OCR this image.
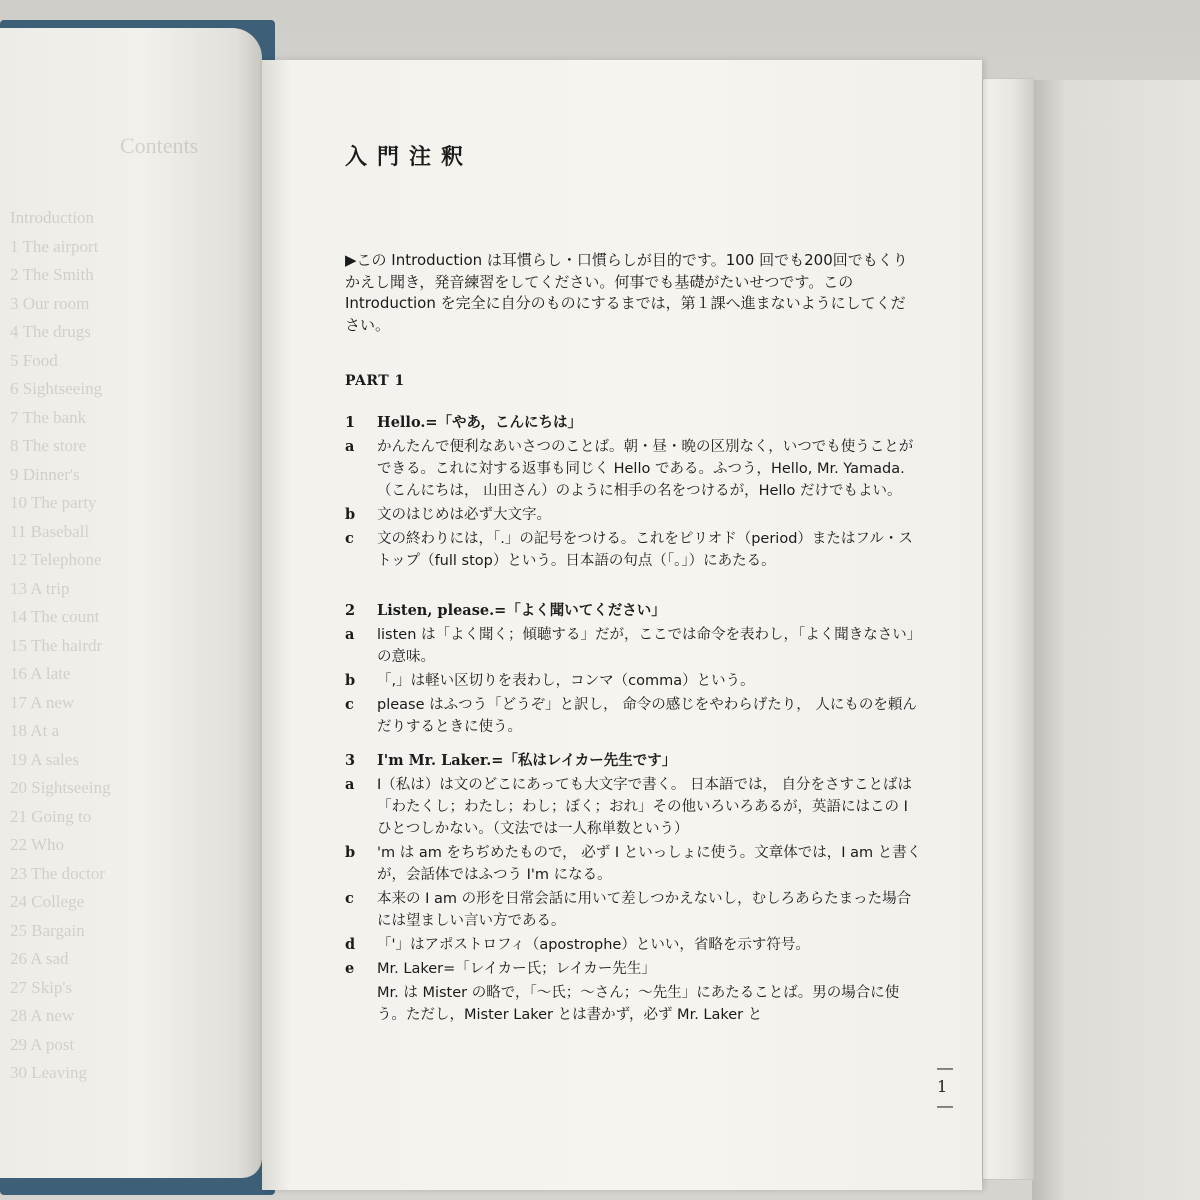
Contents
Introduction
1 The airport
2 The Smith
3 Our room
4 The drugs
5 Food
6 Sightseeing
7 The bank
8 The store
9 Dinner's
10 The party
11 Baseball
12 Telephone
13 A trip
14 The count
15 The hairdr
16 A late
17 A new
18 At a
19 A sales
20 Sightseeing
21 Going to
22 Who
23 The doctor
24 College
25 Bargain
26 A sad
27 Skip's
28 A new
29 A post
30 Leaving
入門注釈
▶この Introduction は耳慣らし・口慣らしが目的です。100 回でも200回でもくりかえし聞き，発音練習をしてください。何事でも基礎がたいせつです。この Introduction を完全に自分のものにするまでは，第１課へ進まないようにしてください。
PART 1
1	Hello.=「やあ，こんにちは」
a	かんたんで便利なあいさつのことば。朝・昼・晩の区別なく，いつでも使うことができる。これに対する返事も同じく Hello である。ふつう，Hello, Mr. Yamada.（こんにちは， 山田さん）のように相手の名をつけるが，Hello だけでもよい。
b	文のはじめは必ず大文字。
c	文の終わりには，「.」の記号をつける。これをピリオド（period）またはフル・ストップ（full stop）という。日本語の句点（「。」）にあたる。
2	Listen, please.=「よく聞いてください」
a	listen は「よく聞く；傾聴する」だが，ここでは命令を表わし，「よく聞きなさい」の意味。
b	「,」は軽い区切りを表わし，コンマ（comma）という。
c	please はふつう「どうぞ」と訳し， 命令の感じをやわらげたり， 人にものを頼んだりするときに使う。
3	I'm Mr. Laker.=「私はレイカー先生です」
a	I（私は）は文のどこにあっても大文字で書く。 日本語では， 自分をさすことばは「わたくし；わたし；わし；ぼく；おれ」その他いろいろあるが，英語にはこの I ひとつしかない。（文法では一人称単数という）
b	'm は am をちぢめたもので， 必ず I といっしょに使う。文章体では，I am と書くが，会話体ではふつう I'm になる。
c	本来の I am の形を日常会話に用いて差しつかえないし，むしろあらたまった場合には望ましい言い方である。
d	「'」はアポストロフィ（apostrophe）といい，省略を示す符号。
e	Mr. Laker=「レイカー氏；レイカー先生」
Mr. は Mister の略で，「～氏；～さん；～先生」にあたることば。男の場合に使う。ただし，Mister Laker とは書かず，必ず Mr. Laker と
― 1 ―
